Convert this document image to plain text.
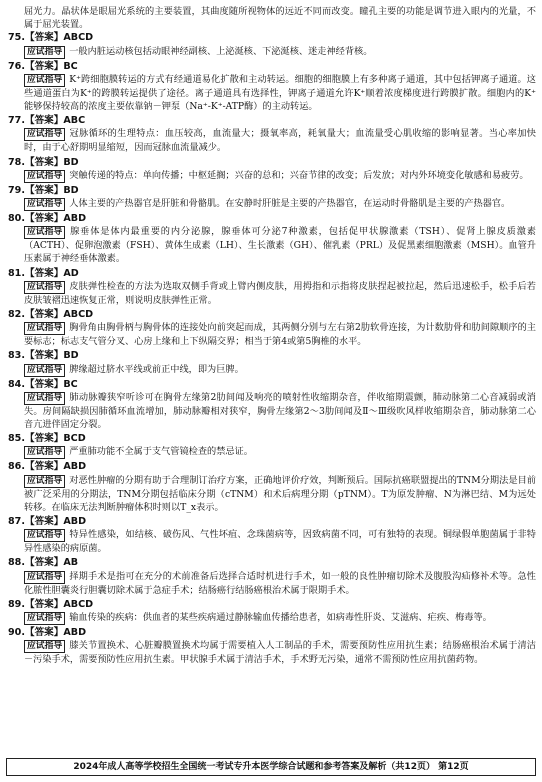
屈光力。晶状体是眼屈光系统的主要装置，其曲度随所视物体的远近不同而改变。瞳孔主要的功能是调节进入眼内的光量，不属于屈光装置。
75.【答案】ABCD
应试指导 一般内脏运动核包括动眼神经副核、上泌涎核、下泌涎核、迷走神经背核。
76.【答案】BC
应试指导 K⁺跨细胞膜转运的方式有经通道易化扩散和主动转运。细胞的细胞膜上有多种离子通道，其中包括钾离子通道。这些通道蛋白为K⁺的跨膜转运提供了途径。离子通道具有选择性，钾离子通道允许K⁺顺着浓度梯度进行跨膜扩散。细胞内的K⁺能够保持较高的浓度主要依靠钠－钾泵（Na⁺-K⁺-ATP酶）的主动转运。
77.【答案】ABC
应试指导 冠脉循环的生理特点：血压较高，血流量大；摄氧率高，耗氧量大；血流量受心肌收缩的影响显著。当心率加快时，由于心舒期明显缩短，因而冠脉血流量减少。
78.【答案】BD
应试指导 突触传递的特点：单向传播；中枢延搁；兴奋的总和；兴奋节律的改变；后发放；对内外环境变化敏感和易疲劳。
79.【答案】BD
应试指导 人体主要的产热器官是肝脏和骨骼肌。在安静时肝脏是主要的产热器官，在运动时骨骼肌是主要的产热器官。
80.【答案】ABD
应试指导 腺垂体是体内最重要的内分泌腺，腺垂体可分泌7种激素，包括促甲状腺激素（TSH）、促肾上腺皮质激素（ACTH）、促卵泡激素（FSH）、黄体生成素（LH）、生长激素（GH）、催乳素（PRL）及促黑素细胞激素（MSH）。血管升压素属于神经垂体激素。
81.【答案】AD
应试指导 皮肤弹性检查的方法为选取双侧手背或上臂内侧皮肤，用拇指和示指将皮肤捏起被拉起，然后迅速松手，松手后若皮肤皱褶迅速恢复正常，则说明皮肤弹性正常。
82.【答案】ABCD
应试指导 胸骨角由胸骨柄与胸骨体的连接处向前突起而成，其两侧分别与左右第2肋软骨连接，为计数肋骨和肋间隙顺序的主要标志；标志支气管分叉、心房上缘和上下纵隔交界；相当于第4或第5胸椎的水平。
83.【答案】BD
应试指导 脾缘超过脐水平线或前正中线，即为巨脾。
84.【答案】BC
应试指导 肺动脉瓣狭窄听诊可在胸骨左缘第2肋间闻及响亮的喷射性收缩期杂音，伴收缩期震颤，肺动脉第二心音减弱或消失。房间隔缺损因肺循环血流增加，肺动脉瓣相对狭窄，胸骨左缘第2～3肋间闻及Ⅱ～Ⅲ级吹风样收缩期杂音，肺动脉第二心音亢进伴固定分裂。
85.【答案】BCD
应试指导 严重肺功能不全属于支气管镜检查的禁忌证。
86.【答案】ABD
应试指导 对恶性肿瘤的分期有助于合理制订治疗方案，正确地评价疗效，判断预后。国际抗癌联盟提出的TNM分期法是目前被广泛采用的分期法，TNM分期包括临床分期（cTNM）和术后病理分期（pTNM）。T为原发肿瘤、N为淋巴结、M为远处转移。在临床无法判断肿瘤体积时则以T_x表示。
87.【答案】ABD
应试指导 特异性感染，如结核、破伤风、气性坏疽、念珠菌病等，因致病菌不同，可有独特的表现。铜绿假单胞菌属于非特异性感染的病原菌。
88.【答案】AB
应试指导 择期手术是指可在充分的术前准备后选择合适时机进行手术，如一般的良性肿瘤切除术及腹股沟疝修补术等。急性化脓性胆囊炎行胆囊切除术属于急症手术；结肠癌行结肠癌根治术属于限期手术。
89.【答案】ABCD
应试指导 输血传染的疾病：供血者的某些疾病通过静脉输血传播给患者，如病毒性肝炎、艾滋病、疟疾、梅毒等。
90.【答案】ABD
应试指导 膝关节置换术、心脏瓣膜置换术均属于需要植入人工制品的手术，需要预防性应用抗生素；结肠癌根治术属于清洁－污染手术，需要预防性应用抗生素。甲状腺手术属于清洁手术，手术野无污染，通常不需预防性应用抗菌药物。
2024年成人高等学校招生全国统一考试专升本医学综合试题和参考答案及解析（共12页） 第12页
